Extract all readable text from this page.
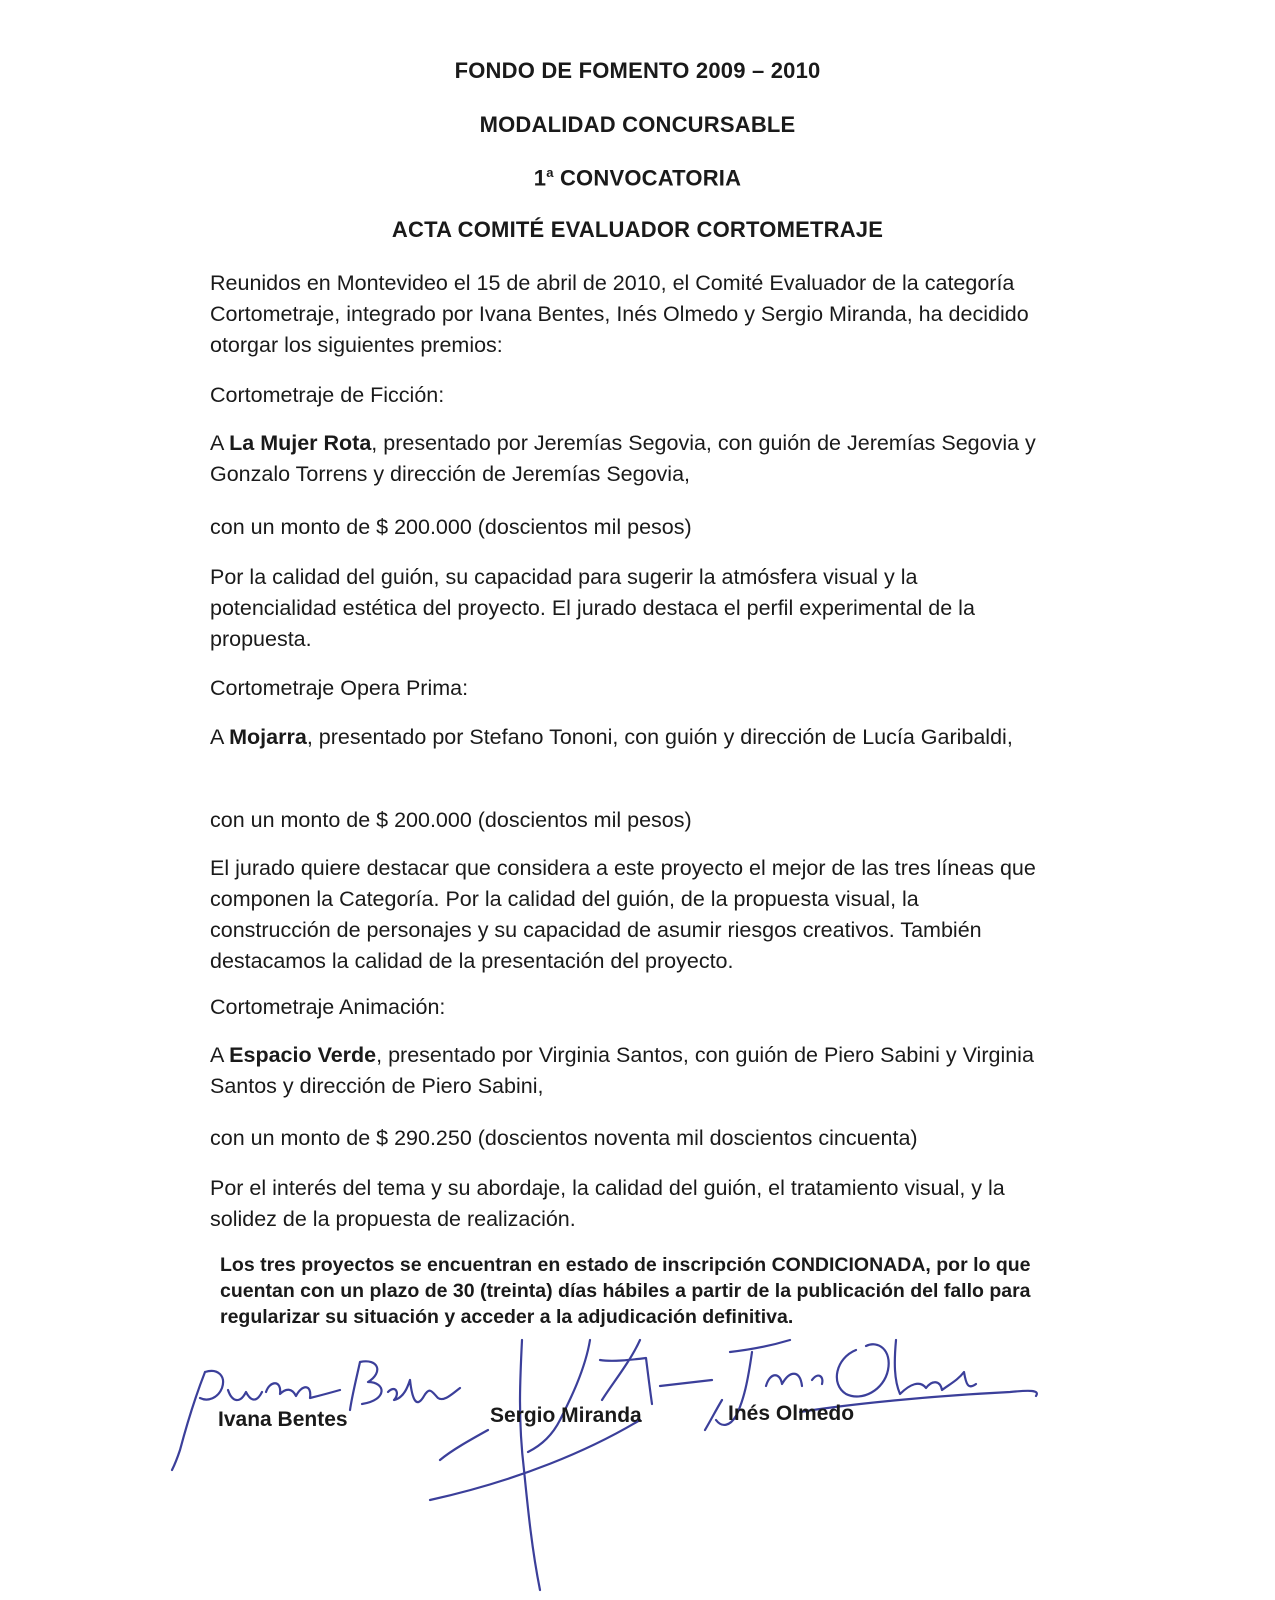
FONDO DE FOMENTO 2009 – 2010
MODALIDAD CONCURSABLE
1$^a$ CONVOCATORIA
ACTA COMITÉ EVALUADOR CORTOMETRAJE

Reunidos en Montevideo el 15 de abril de 2010, el Comité Evaluador de la categoría Cortometraje, integrado por Ivana Bentes, Inés Olmedo y Sergio Miranda, ha decidido otorgar los siguientes premios:

Cortometraje de Ficción:

A La Mujer Rota, presentado por Jeremías Segovia, con guión de Jeremías Segovia y Gonzalo Torrens y dirección de Jeremías Segovia,

con un monto de $ 200.000 (doscientos mil pesos)

Por la calidad del guión, su capacidad para sugerir la atmósfera visual y la potencialidad estética del proyecto. El jurado destaca el perfil experimental de la propuesta.

Cortometraje Opera Prima:

A Mojarra, presentado por Stefano Tononi, con guión y dirección de Lucía Garibaldi,

con un monto de $ 200.000 (doscientos mil pesos)

El jurado quiere destacar que considera a este proyecto el mejor de las tres líneas que componen la Categoría. Por la calidad del guión, de la propuesta visual, la construcción de personajes y su capacidad de asumir riesgos creativos. También destacamos la calidad de la presentación del proyecto.

Cortometraje Animación:

A Espacio Verde, presentado por Virginia Santos, con guión de Piero Sabini y Virginia Santos y dirección de Piero Sabini,

con un monto de $ 290.250 (doscientos noventa mil doscientos cincuenta)

Por el interés del tema y su abordaje, la calidad del guión, el tratamiento visual, y la solidez de la propuesta de realización.

Los tres proyectos se encuentran en estado de inscripción CONDICIONADA, por lo que cuentan con un plazo de 30 (treinta) días hábiles a partir de la publicación del fallo para regularizar su situación y acceder a la adjudicación definitiva.

Ivana Bentes	Sergio Miranda	Inés Olmedo
